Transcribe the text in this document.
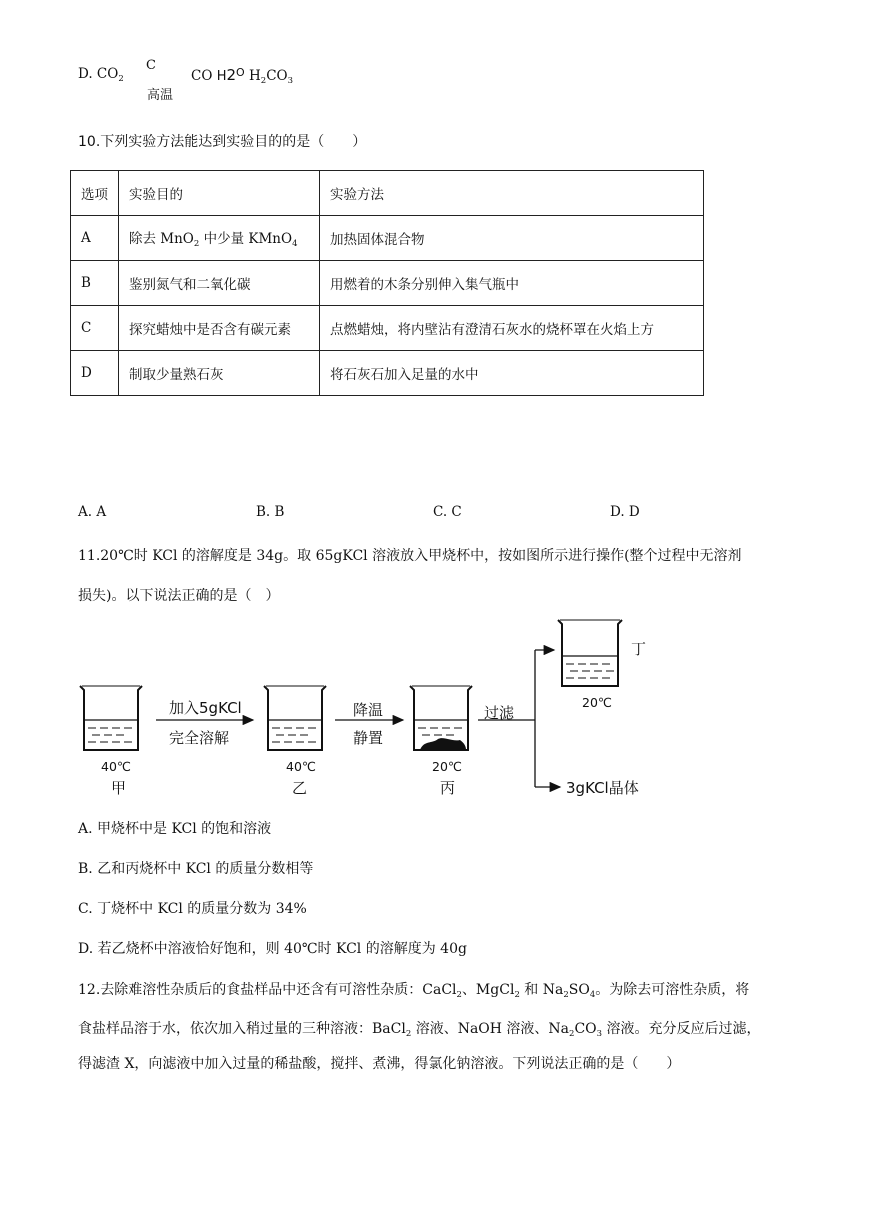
D. $CO_2$
C
高温
CO $H2^O$ $H_2CO_3$
10.下列实验方法能达到实验目的的是（　　）
选项	实验目的	实验方法
A	除去 MnO$_2$ 中少量 KMnO$_4$	加热固体混合物
B	鉴别氮气和二氧化碳	用燃着的木条分别伸入集气瓶中
C	探究蜡烛中是否含有碳元素	点燃蜡烛，将内壁沾有澄清石灰水的烧杯罩在火焰上方
D	制取少量熟石灰	将石灰石加入足量的水中
A. A	B. B	C. C	D. D
11.20℃时 KCl 的溶解度是 34g。取 65gKCl 溶液放入甲烧杯中，按如图所示进行操作(整个过程中无溶剂
损失)。以下说法正确的是（　）
加入5gKCl
完全溶解
降温
静置
过滤
40℃
甲
40℃
乙
20℃
丙
20℃
丁
3gKCl晶体
A. 甲烧杯中是 KCl 的饱和溶液
B. 乙和丙烧杯中 KCl 的质量分数相等
C. 丁烧杯中 KCl 的质量分数为 34%
D. 若乙烧杯中溶液恰好饱和，则 40℃时 KCl 的溶解度为 40g
12.去除难溶性杂质后的食盐样品中还含有可溶性杂质：CaCl$_2$、MgCl$_2$ 和 $Na_2SO_4$。为除去可溶性杂质，将
食盐样品溶于水，依次加入稍过量的三种溶液：BaCl$_2$ 溶液、NaOH 溶液、$Na_2CO_3$ 溶液。充分反应后过滤，
得滤渣 X，向滤液中加入过量的稀盐酸，搅拌、煮沸，得氯化钠溶液。下列说法正确的是（　　）
